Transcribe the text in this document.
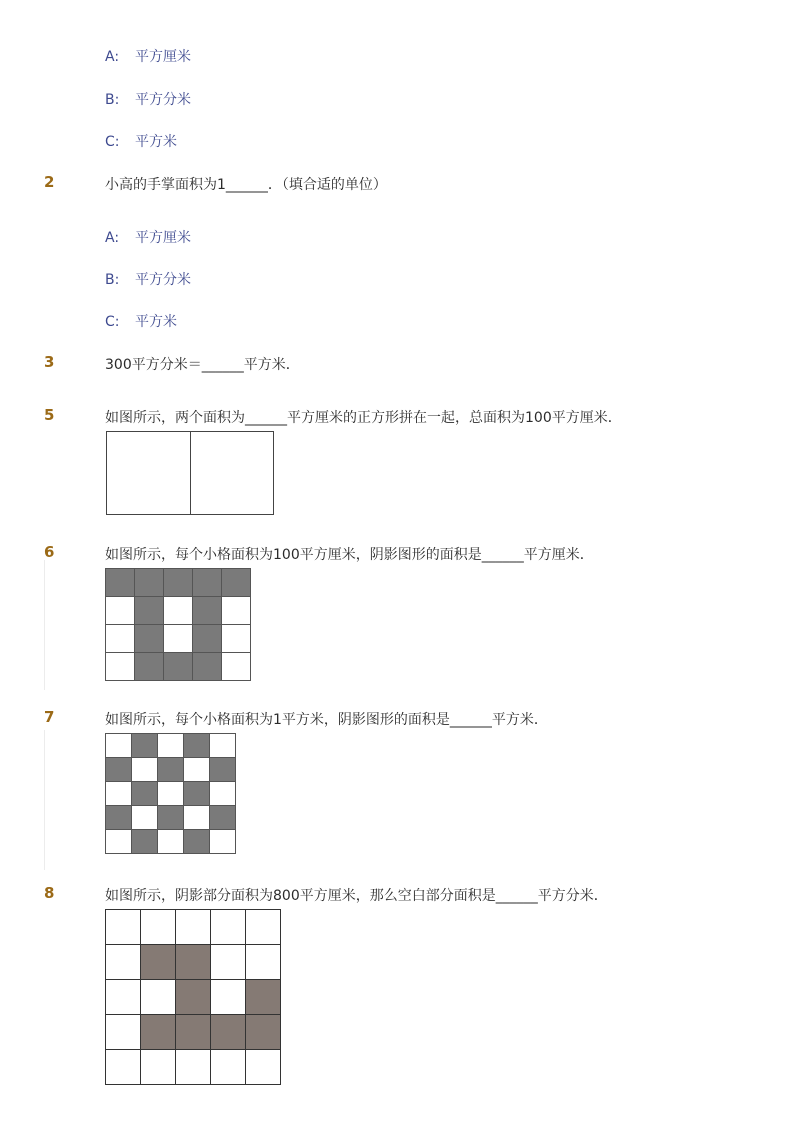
A: 平方厘米
B: 平方分米
C: 平方米
2	小高的手掌面积为1______．（填合适的单位）
A: 平方厘米
B: 平方分米
C: 平方米
3	300平方分米＝______平方米．
5	如图所示，两个面积为______平方厘米的正方形拼在一起，总面积为100平方厘米．
6	如图所示，每个小格面积为100平方厘米，阴影图形的面积是______平方厘米．

7	如图所示，每个小格面积为1平方米，阴影图形的面积是______平方米．

8	如图所示，阴影部分面积为800平方厘米，那么空白部分面积是______平方分米．
